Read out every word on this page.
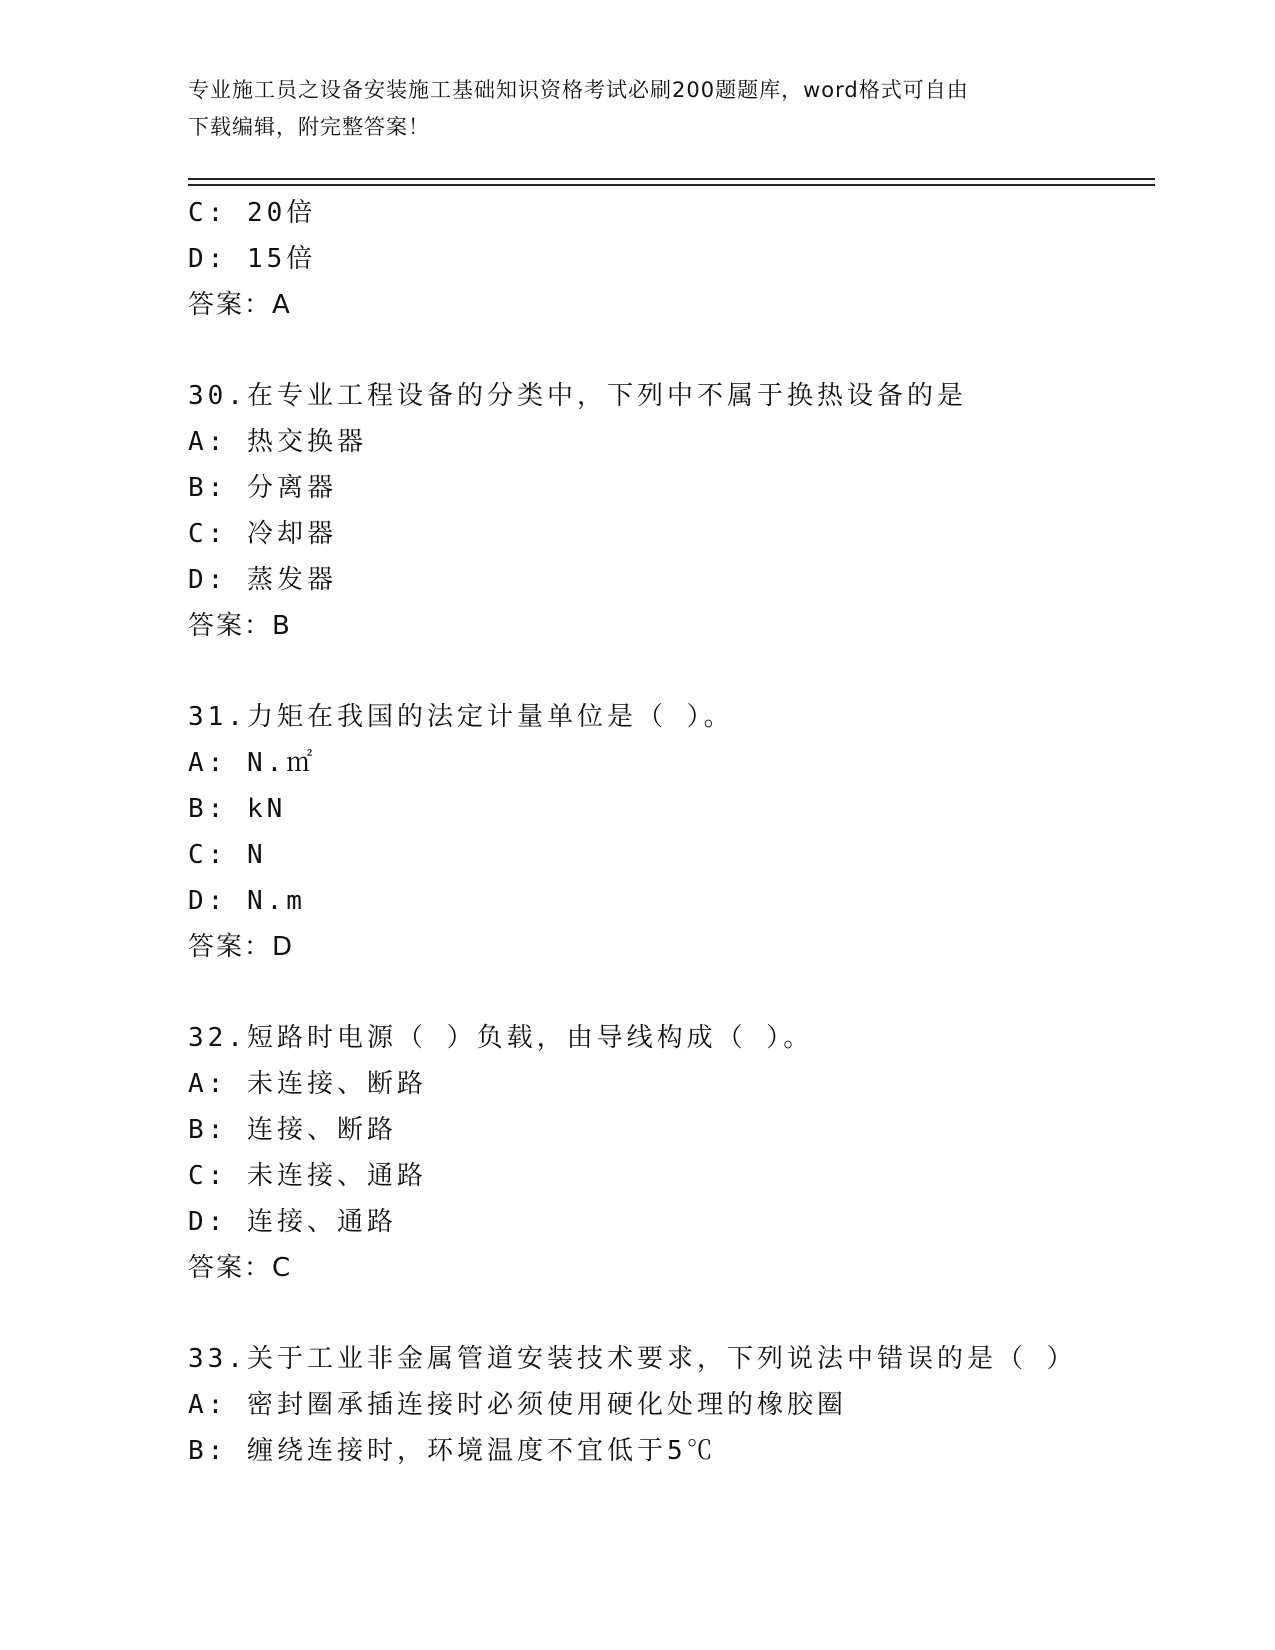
专业施工员之设备安装施工基础知识资格考试必刷200题题库，word格式可自由
下载编辑，附完整答案！
C: 20倍
D: 15倍
答案：A
30.在专业工程设备的分类中，下列中不属于换热设备的是
A: 热交换器
B: 分离器
C: 冷却器
D: 蒸发器
答案：B
31.力矩在我国的法定计量单位是（ ）。
A: N.㎡
B: kN
C: N
D: N.m
答案：D
32.短路时电源（ ）负载，由导线构成（ ）。
A: 未连接、断路
B: 连接、断路
C: 未连接、通路
D: 连接、通路
答案：C
33.关于工业非金属管道安装技术要求，下列说法中错误的是（ ）
A: 密封圈承插连接时必须使用硬化处理的橡胶圈
B: 缠绕连接时，环境温度不宜低于5℃
